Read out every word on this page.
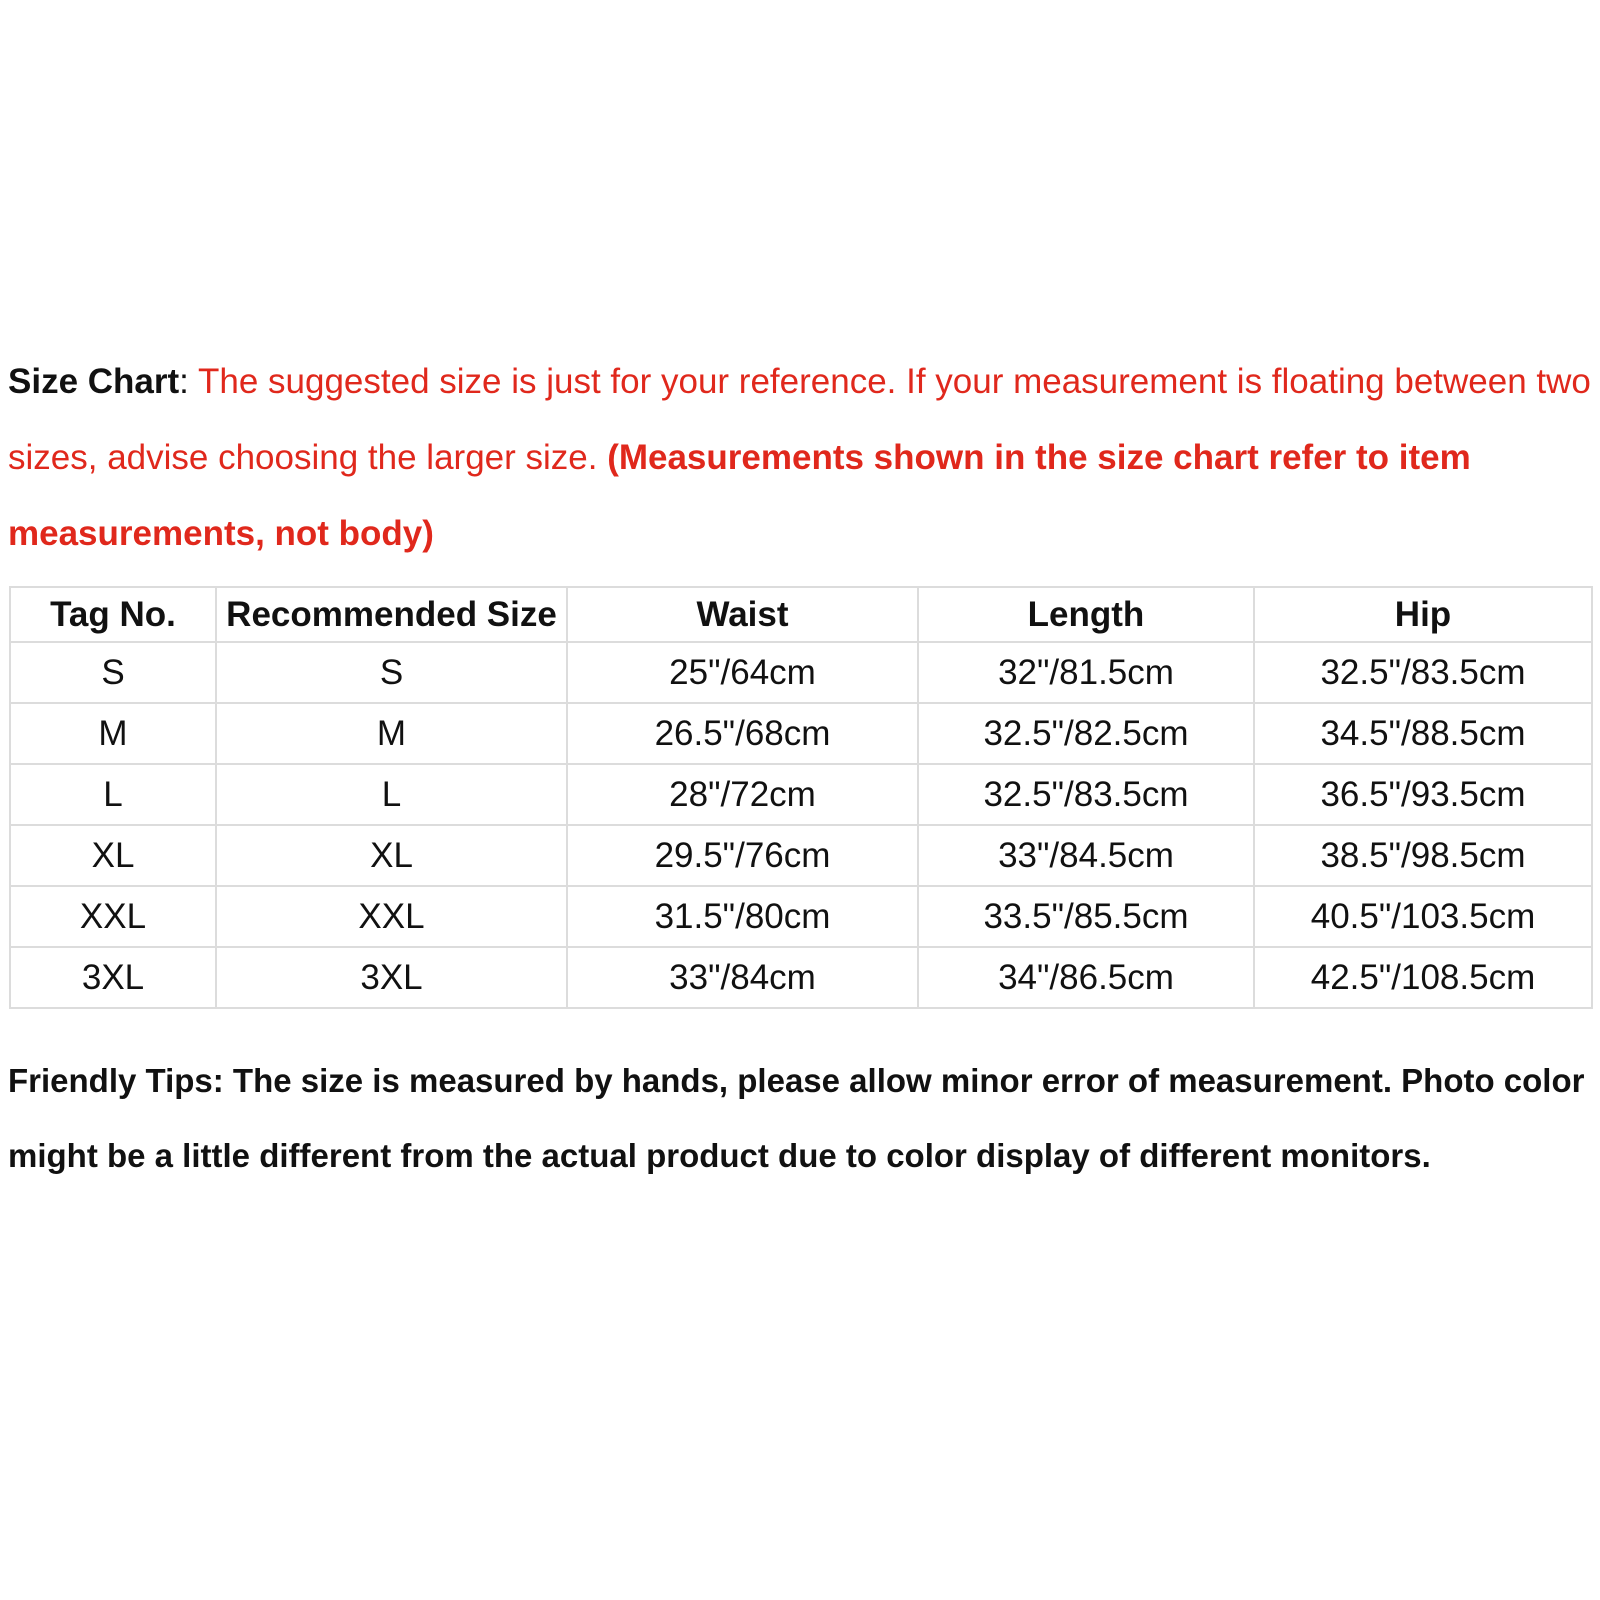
Size Chart: The suggested size is just for your reference. If your measurement is floating between two sizes, advise choosing the larger size. (Measurements shown in the size chart refer to item measurements, not body)

Tag No.	Recommended Size	Waist	Length	Hip
S	S	25"/64cm	32"/81.5cm	32.5"/83.5cm
M	M	26.5"/68cm	32.5"/82.5cm	34.5"/88.5cm
L	L	28"/72cm	32.5"/83.5cm	36.5"/93.5cm
XL	XL	29.5"/76cm	33"/84.5cm	38.5"/98.5cm
XXL	XXL	31.5"/80cm	33.5"/85.5cm	40.5"/103.5cm
3XL	3XL	33"/84cm	34"/86.5cm	42.5"/108.5cm

Friendly Tips: The size is measured by hands, please allow minor error of measurement. Photo color might be a little different from the actual product due to color display of different monitors.
